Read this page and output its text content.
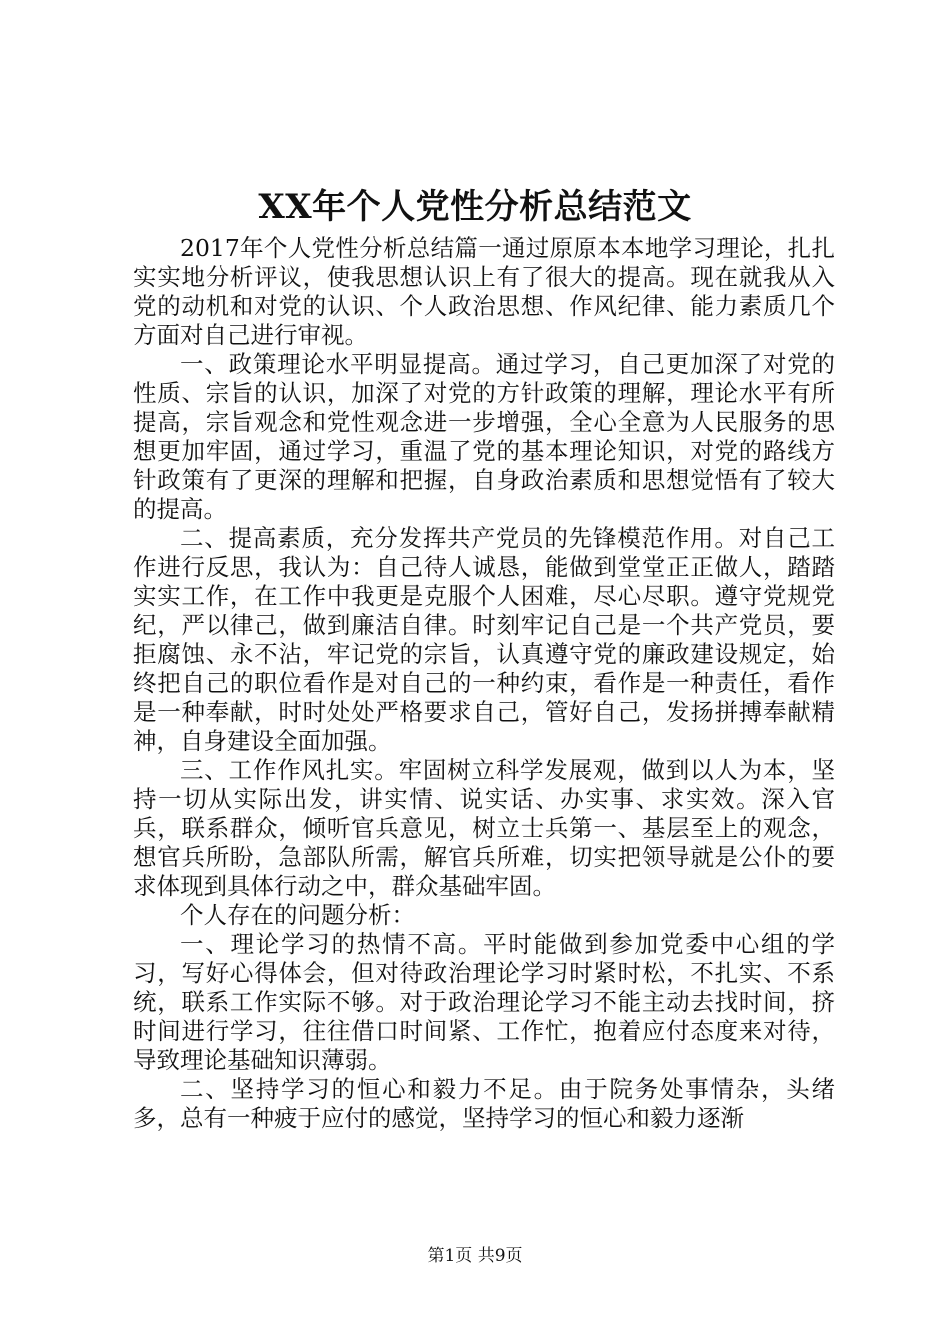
XX年个人党性分析总结范文

2017年个人党性分析总结篇一通过原原本本地学习理论，扎扎实实地分析评议，使我思想认识上有了很大的提高。现在就我从入党的动机和对党的认识、个人政治思想、作风纪律、能力素质几个方面对自己进行审视。

一、政策理论水平明显提高。通过学习，自己更加深了对党的性质、宗旨的认识，加深了对党的方针政策的理解，理论水平有所提高，宗旨观念和党性观念进一步增强，全心全意为人民服务的思想更加牢固，通过学习，重温了党的基本理论知识，对党的路线方针政策有了更深的理解和把握，自身政治素质和思想觉悟有了较大的提高。

二、提高素质，充分发挥共产党员的先锋模范作用。对自己工作进行反思，我认为：自己待人诚恳，能做到堂堂正正做人，踏踏实实工作，在工作中我更是克服个人困难，尽心尽职。遵守党规党纪，严以律己，做到廉洁自律。时刻牢记自己是一个共产党员，要拒腐蚀、永不沾，牢记党的宗旨，认真遵守党的廉政建设规定，始终把自己的职位看作是对自己的一种约束，看作是一种责任，看作是一种奉献，时时处处严格要求自己，管好自己，发扬拼搏奉献精神，自身建设全面加强。

三、工作作风扎实。牢固树立科学发展观，做到以人为本，坚持一切从实际出发，讲实情、说实话、办实事、求实效。深入官兵，联系群众，倾听官兵意见，树立士兵第一、基层至上的观念，想官兵所盼，急部队所需，解官兵所难，切实把领导就是公仆的要求体现到具体行动之中，群众基础牢固。

个人存在的问题分析：

一、理论学习的热情不高。平时能做到参加党委中心组的学习，写好心得体会，但对待政治理论学习时紧时松，不扎实、不系统，联系工作实际不够。对于政治理论学习不能主动去找时间，挤时间进行学习，往往借口时间紧、工作忙，抱着应付态度来对待，导致理论基础知识薄弱。

二、坚持学习的恒心和毅力不足。由于院务处事情杂，头绪多，总有一种疲于应付的感觉，坚持学习的恒心和毅力逐渐

第1页 共9页
